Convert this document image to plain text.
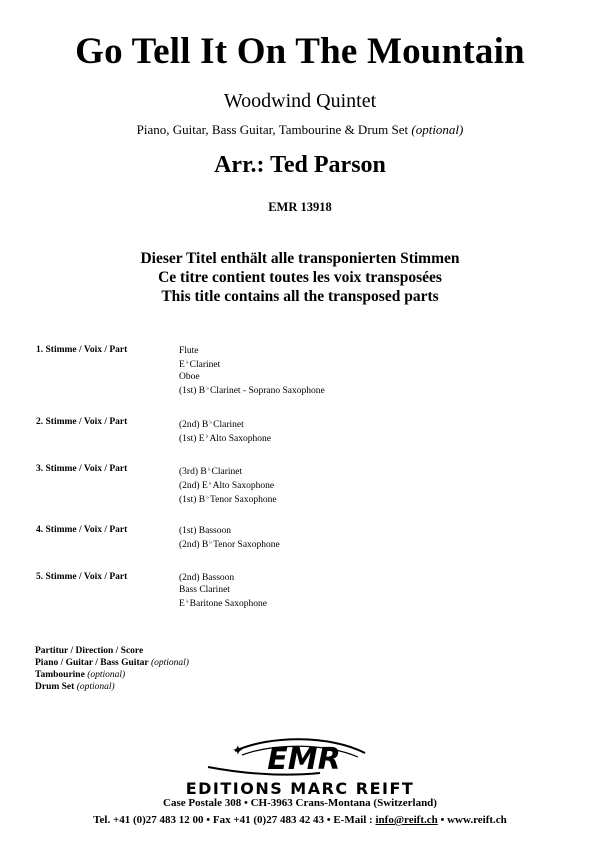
Go Tell It On The Mountain
Woodwind Quintet
Piano, Guitar, Bass Guitar, Tambourine & Drum Set (optional)
Arr.: Ted Parson
EMR 13918
Dieser Titel enthält alle transponierten Stimmen
Ce titre contient toutes les voix transposées
This title contains all the transposed parts
1. Stimme / Voix / Part	Flute
E♭Clarinet
Oboe
(1st) B♭Clarinet - Soprano Saxophone
2. Stimme / Voix / Part	(2nd) B♭Clarinet
(1st) E♭Alto Saxophone
3. Stimme / Voix / Part	(3rd) B♭Clarinet
(2nd) E♭Alto Saxophone
(1st) B♭Tenor Saxophone
4. Stimme / Voix / Part	(1st) Bassoon
(2nd) B♭Tenor Saxophone
5. Stimme / Voix / Part	(2nd) Bassoon
Bass Clarinet
E♭Baritone Saxophone
Partitur / Direction / Score
Piano / Guitar / Bass Guitar (optional)
Tambourine (optional)
Drum Set (optional)
✦ EMR
EDITIONS MARC REIFT
Case Postale 308 • CH-3963 Crans-Montana (Switzerland)
Tel. +41 (0)27 483 12 00 • Fax +41 (0)27 483 42 43 • E-Mail : info@reift.ch • www.reift.ch
